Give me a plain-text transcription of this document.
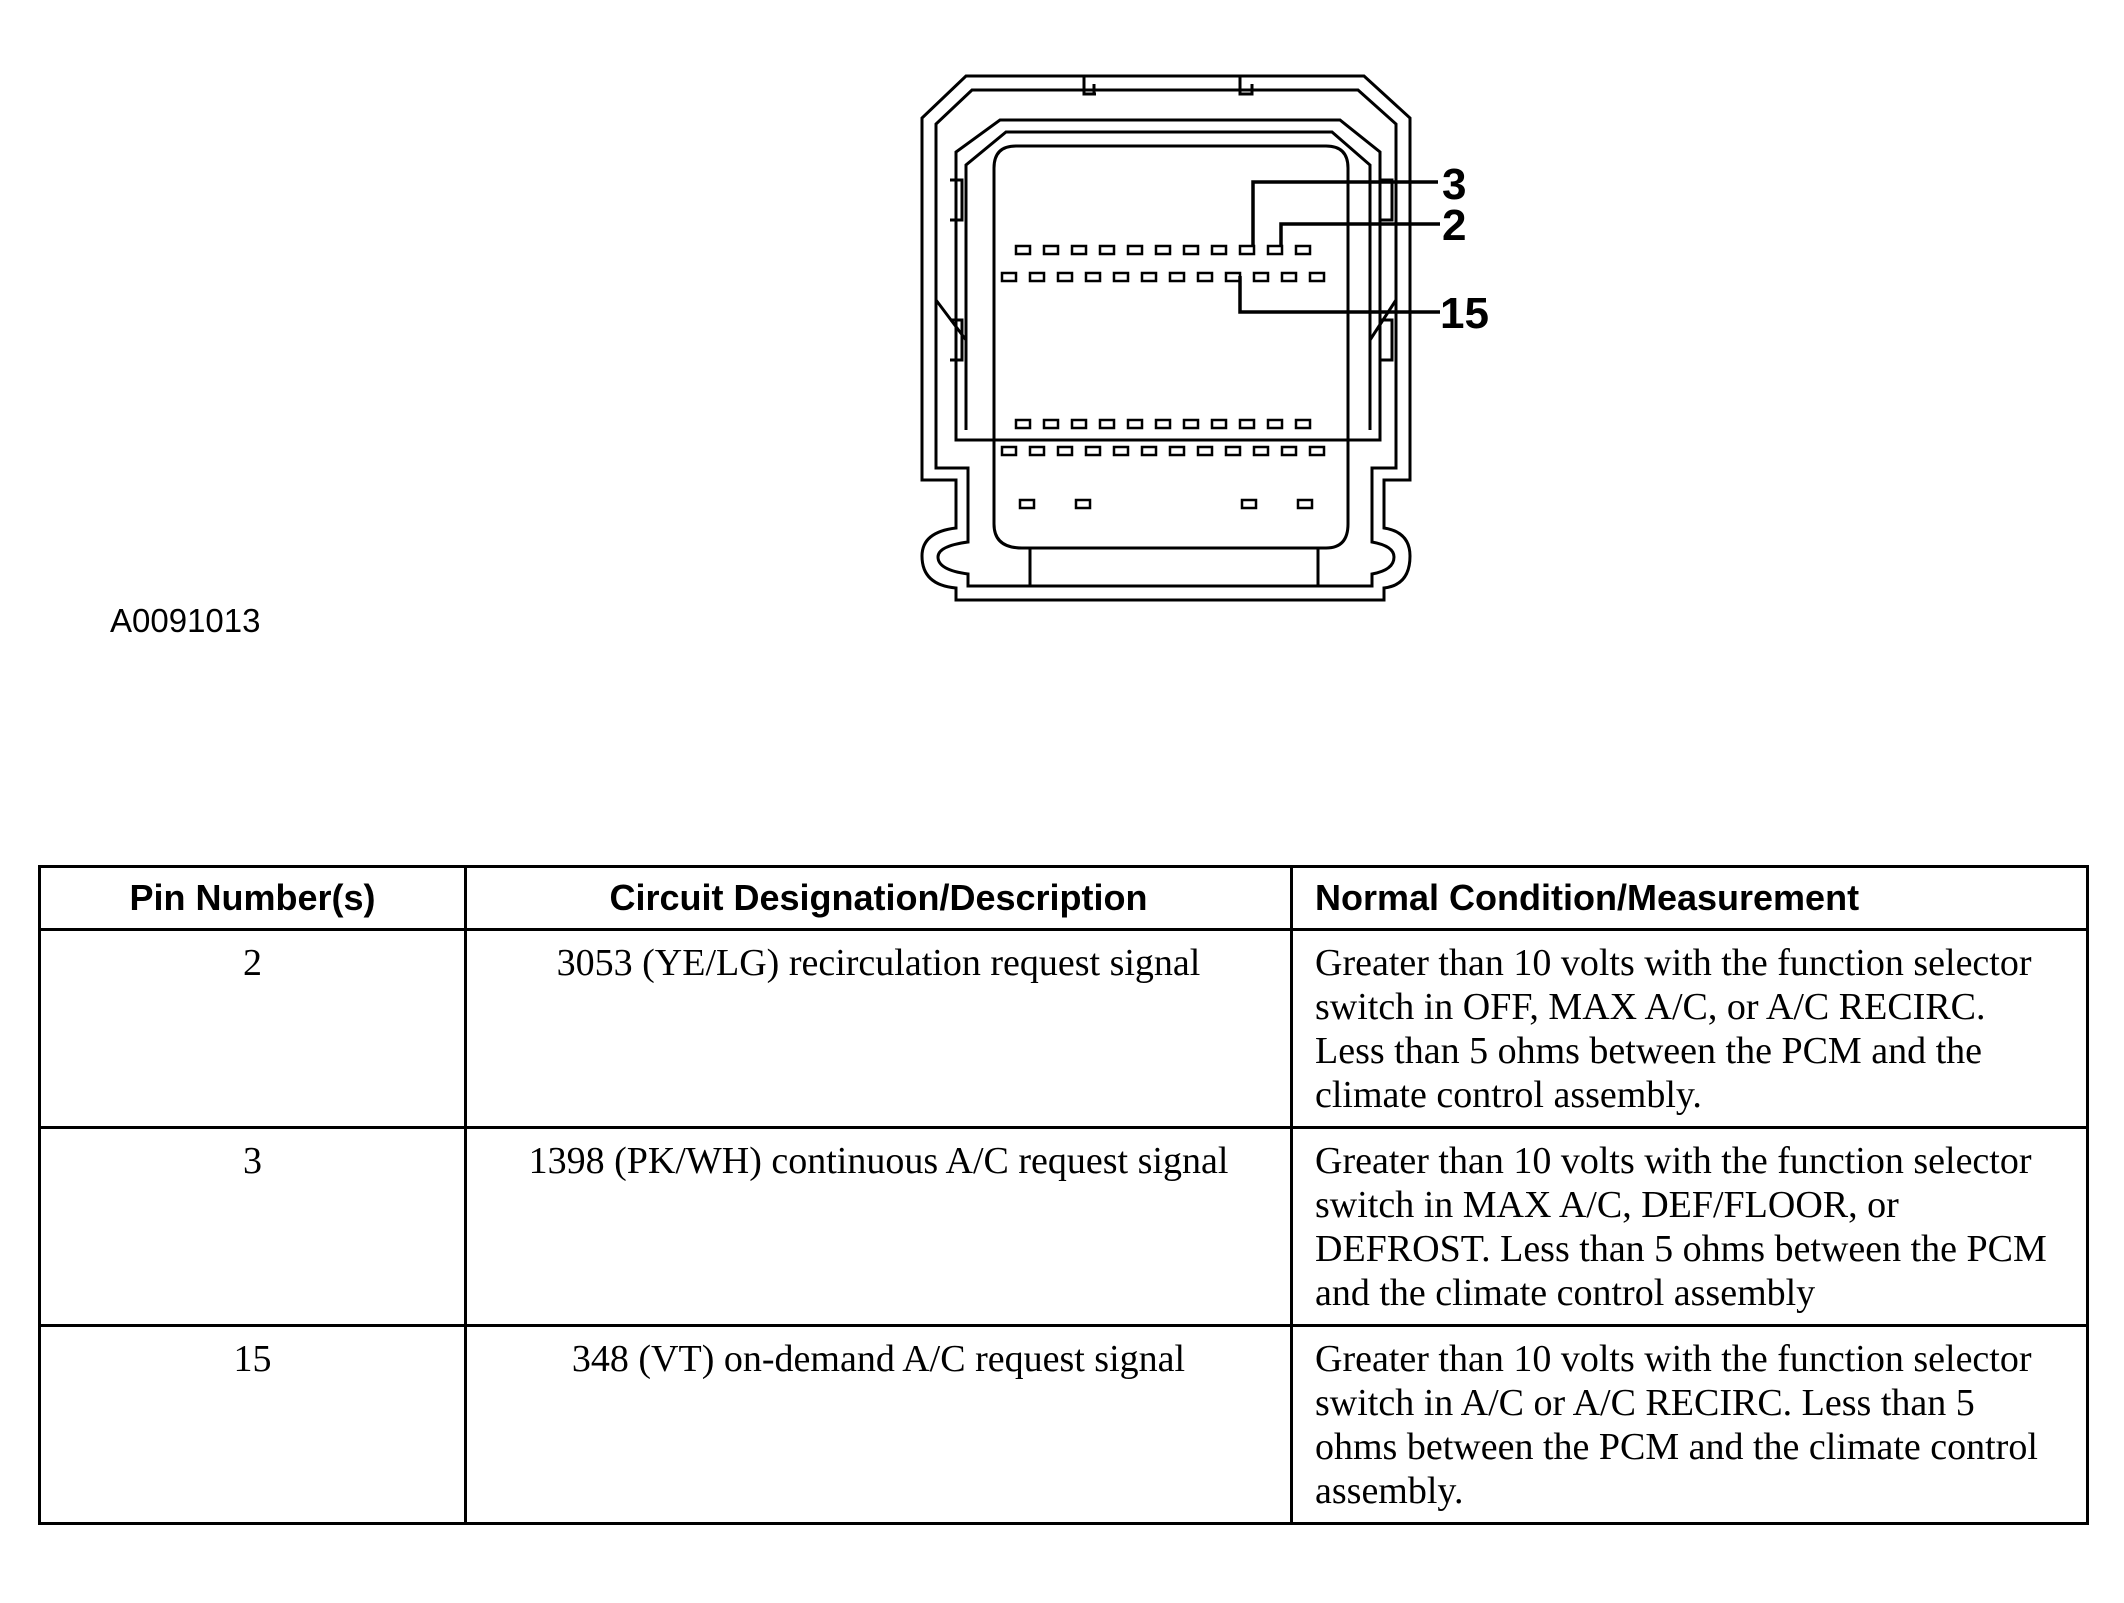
3
2
15
A0091013
Pin Number(s)	Circuit Designation/Description	Normal Condition/Measurement
2	3053 (YE/LG) recirculation request signal	Greater than 10 volts with the function selector switch in OFF, MAX A/C, or A/C RECIRC. Less than 5 ohms between the PCM and the climate control assembly.
3	1398 (PK/WH) continuous A/C request signal	Greater than 10 volts with the function selector switch in MAX A/C, DEF/FLOOR, or DEFROST. Less than 5 ohms between the PCM and the climate control assembly
15	348 (VT) on-demand A/C request signal	Greater than 10 volts with the function selector switch in A/C or A/C RECIRC. Less than 5 ohms between the PCM and the climate control assembly.
